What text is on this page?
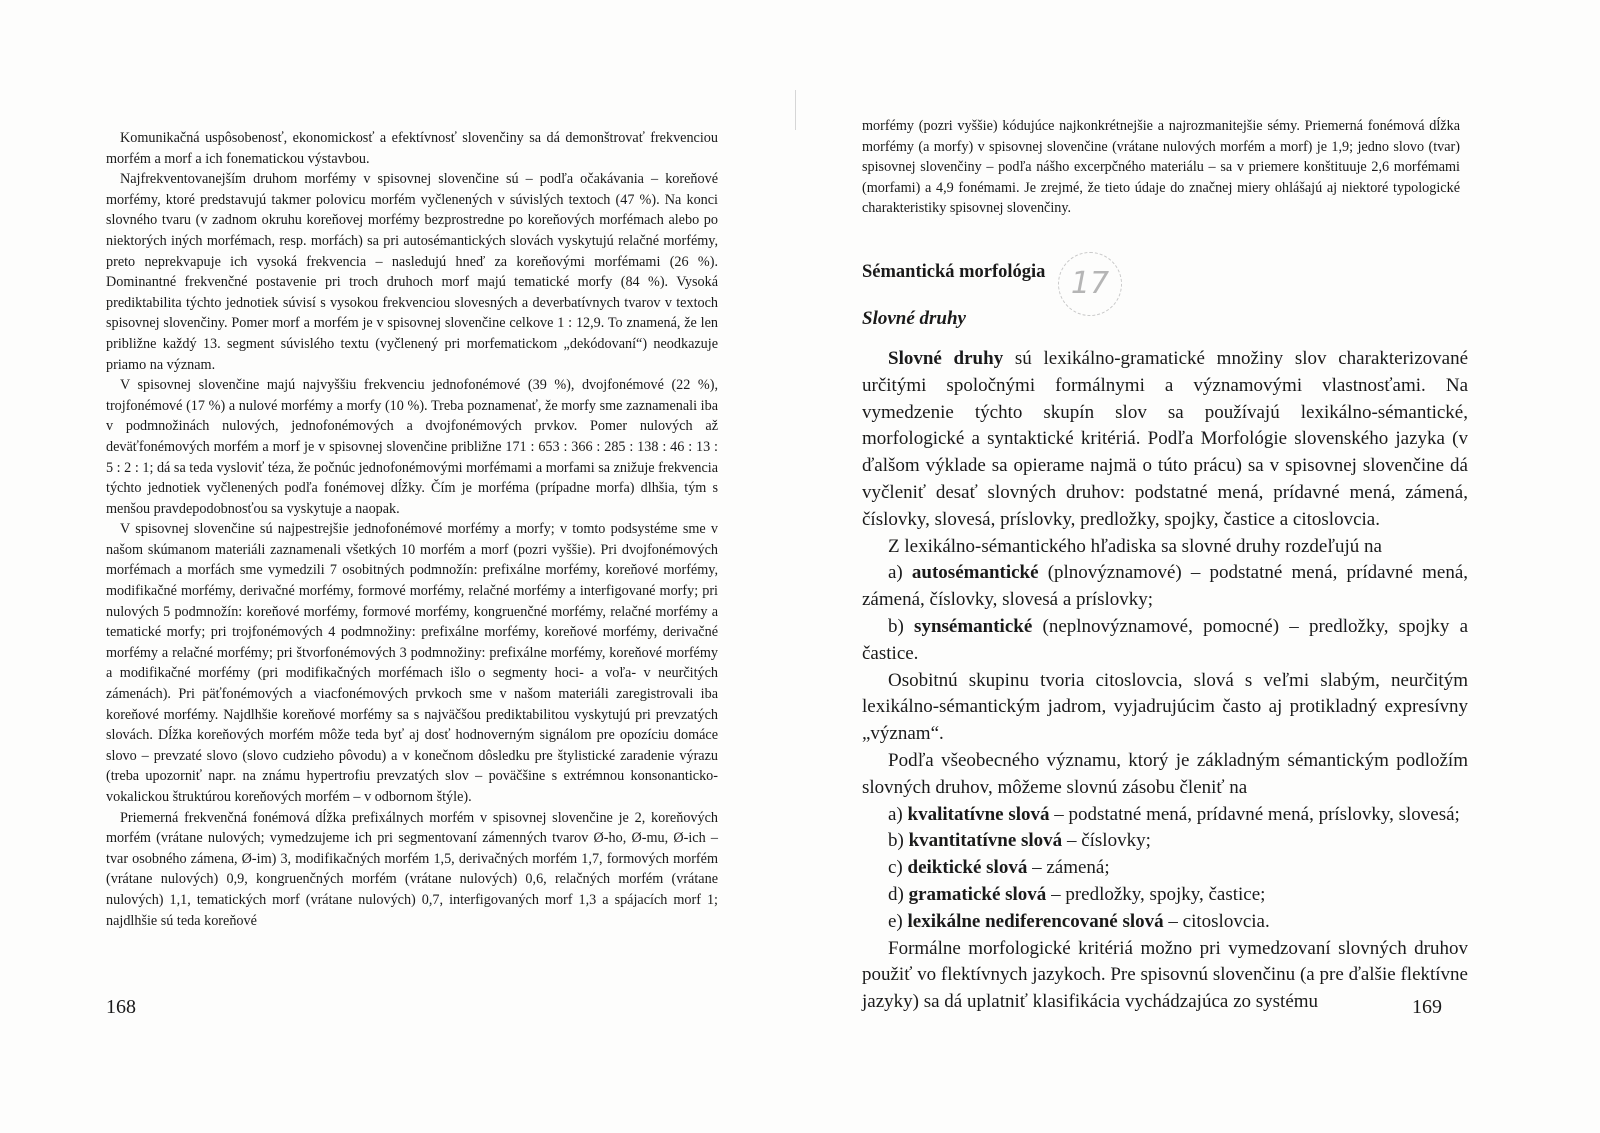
Komunikačná uspôsobenosť, ekonomickosť a efektívnosť slovenčiny sa dá demonštrovať frekvenciou morfém a morf a ich fonematickou výstavbou.

Najfrekventovanejším druhom morfémy v spisovnej slovenčine sú – podľa očakávania – koreňové morfémy, ktoré predstavujú takmer polovicu morfém vyčlenených v súvislých textoch (47 %). Na konci slovného tvaru (v zadnom okruhu koreňovej morfémy bezprostredne po koreňových morfémach alebo po niektorých iných morfémach, resp. morfách) sa pri autosémantických slovách vyskytujú relačné morfémy, preto neprekvapuje ich vysoká frekvencia – nasledujú hneď za koreňovými morfémami (26 %). Dominantné frekvenčné postavenie pri troch druhoch morf majú tematické morfy (84 %). Vysoká prediktabilita týchto jednotiek súvisí s vysokou frekvenciou slovesných a deverbatívnych tvarov v textoch spisovnej slovenčiny. Pomer morf a morfém je v spisovnej slovenčine celkove 1 : 12,9. To znamená, že len približne každý 13. segment súvislého textu (vyčlenený pri morfematickom „dekódovaní“) neodkazuje priamo na význam.

V spisovnej slovenčine majú najvyššiu frekvenciu jednofonémové (39 %), dvojfonémové (22 %), trojfonémové (17 %) a nulové morfémy a morfy (10 %). Treba poznamenať, že morfy sme zaznamenali iba v podmnožinách nulových, jednofonémových a dvojfonémových prvkov. Pomer nulových až deväťfonémových morfém a morf je v spisovnej slovenčine približne 171 : 653 : 366 : 285 : 138 : 46 : 13 : 5 : 2 : 1; dá sa teda vysloviť téza, že počnúc jednofonémovými morfémami a morfami sa znižuje frekvencia týchto jednotiek vyčlenených podľa fonémovej dĺžky. Čím je morféma (prípadne morfa) dlhšia, tým s menšou pravdepodobnosťou sa vyskytuje a naopak.

V spisovnej slovenčine sú najpestrejšie jednofonémové morfémy a morfy; v tomto podsystéme sme v našom skúmanom materiáli zaznamenali všetkých 10 morfém a morf (pozri vyššie). Pri dvojfonémových morfémach a morfách sme vymedzili 7 osobitných podmnožín: prefixálne morfémy, koreňové morfémy, modifikačné morfémy, derivačné morfémy, formové morfémy, relačné morfémy a interfigované morfy; pri nulových 5 podmnožín: koreňové morfémy, formové morfémy, kongruenčné morfémy, relačné morfémy a tematické morfy; pri trojfonémových 4 podmnožiny: prefixálne morfémy, koreňové morfémy, derivačné morfémy a relačné morfémy; pri štvorfonémových 3 podmnožiny: prefixálne morfémy, koreňové morfémy a modifikačné morfémy (pri modifikačných morfémach išlo o segmenty hoci- a voľa- v neurčitých zámenách). Pri päťfonémových a viacfonémových prvkoch sme v našom materiáli zaregistrovali iba koreňové morfémy. Najdlhšie koreňové morfémy sa s najväčšou prediktabilitou vyskytujú pri prevzatých slovách. Dĺžka koreňových morfém môže teda byť aj dosť hodnoverným signálom pre opozíciu domáce slovo – prevzaté slovo (slovo cudzieho pôvodu) a v konečnom dôsledku pre štylistické zaradenie výrazu (treba upozorniť napr. na známu hypertrofiu prevzatých slov – poväčšine s extrémnou konsonanticko-vokalickou štruktúrou koreňových morfém – v odbornom štýle).

Priemerná frekvenčná fonémová dĺžka prefixálnych morfém v spisovnej slovenčine je 2, koreňových morfém (vrátane nulových; vymedzujeme ich pri segmentovaní zámenných tvarov Ø-ho, Ø-mu, Ø-ich – tvar osobného zámena, Ø-im) 3, modifikačných morfém 1,5, derivačných morfém 1,7, formových morfém (vrátane nulových) 0,9, kongruenčných morfém (vrátane nulových) 0,6, relačných morfém (vrátane nulových) 1,1, tematických morf (vrátane nulových) 0,7, interfigovaných morf 1,3 a spájacích morf 1; najdlhšie sú teda koreňové

168

morfémy (pozri vyššie) kódujúce najkonkrétnejšie a najrozmanitejšie sémy. Priemerná fonémová dĺžka morfémy (a morfy) v spisovnej slovenčine (vrátane nulových morfém a morf) je 1,9; jedno slovo (tvar) spisovnej slovenčiny – podľa nášho excerpčného materiálu – sa v priemere konštituuje 2,6 morfémami (morfami) a 4,9 fonémami. Je zrejmé, že tieto údaje do značnej miery ohlášajú aj niektoré typologické charakteristiky spisovnej slovenčiny.

Sémantická morfológia 17
Slovné druhy

Slovné druhy sú lexikálno-gramatické množiny slov charakterizované určitými spoločnými formálnymi a významovými vlastnosťami. Na vymedzenie týchto skupín slov sa používajú lexikálno-sémantické, morfologické a syntaktické kritériá. Podľa Morfológie slovenského jazyka (v ďalšom výklade sa opierame najmä o túto prácu) sa v spisovnej slovenčine dá vyčleniť desať slovných druhov: podstatné mená, prídavné mená, zámená, číslovky, slovesá, príslovky, predložky, spojky, častice a citoslovcia.

Z lexikálno-sémantického hľadiska sa slovné druhy rozdeľujú na

a) autosémantické (plnovýznamové) – podstatné mená, prídavné mená, zámená, číslovky, slovesá a príslovky;

b) synsémantické (neplnovýznamové, pomocné) – predložky, spojky a častice.

Osobitnú skupinu tvoria citoslovcia, slová s veľmi slabým, neurčitým lexikálno-sémantickým jadrom, vyjadrujúcim často aj protikladný expresívny „význam“.

Podľa všeobecného významu, ktorý je základným sémantickým podložím slovných druhov, môžeme slovnú zásobu členiť na

a) kvalitatívne slová – podstatné mená, prídavné mená, príslovky, slovesá;

b) kvantitatívne slová – číslovky;

c) deiktické slová – zámená;

d) gramatické slová – predložky, spojky, častice;

e) lexikálne nediferencované slová – citoslovcia.

Formálne morfologické kritériá možno pri vymedzovaní slovných druhov použiť vo flektívnych jazykoch. Pre spisovnú slovenčinu (a pre ďalšie flektívne jazyky) sa dá uplatniť klasifikácia vychádzajúca zo systému	169
